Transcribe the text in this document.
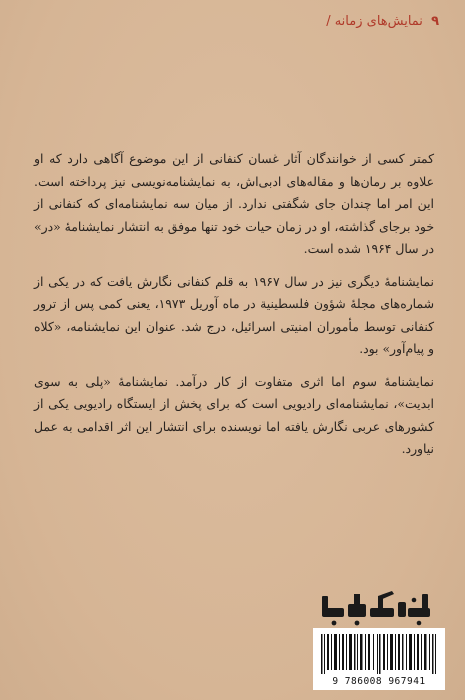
۹ نمایش‌های زمانه /

کمتر کسی از خوانندگان آثار غسان کنفانی از این موضوع آگاهی دارد که او علاوه بر رمان‌ها و مقاله‌های ادبی‌اش، به نمایشنامه‌نویسی نیز پرداخته است. این امر اما چندان جای شگفتی ندارد. از میان سه نمایشنامه‌ای که کنفانی از خود برجای گذاشته، او در زمان حیات خود تنها موفق به انتشار نمایشنامهٔ «در» در سال ۱۹۶۴ شده است.

نمایشنامهٔ دیگری نیز در سال ۱۹۶۷ به قلم کنفانی نگارش یافت که در یکی از شماره‌های مجلهٔ شؤون فلسطینیة در ماه آوریل ۱۹۷۳، یعنی کمی پس از ترور کنفانی توسط مأموران امنیتی اسرائیل، درج شد. عنوان این نمایشنامه، «کلاه و پیام‌آور» بود.

نمایشنامهٔ سوم اما اثری متفاوت از کار درآمد. نمایشنامهٔ «پلی به سوی ابدیت»، نمایشنامه‌ای رادیویی است که برای پخش از ایستگاه رادیویی یکی از کشورهای عربی نگارش یافته اما نویسنده برای انتشار این اثر اقدامی به عمل نیاورد.

9 786008 967941
